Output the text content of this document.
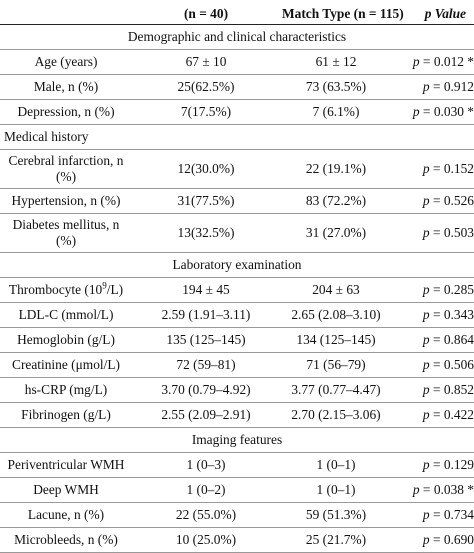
	(n = 40)	Match Type (n = 115)	p Value
Demographic and clinical characteristics			
Age (years)	67 ± 10	61 ± 12	p = 0.012 *
Male, n (%)	25(62.5%)	73 (63.5%)	p = 0.912
Depression, n (%)	7(17.5%)	7 (6.1%)	p = 0.030 *
Medical history			
Cerebral infarction, n (%)	12(30.0%)	22 (19.1%)	p = 0.152
Hypertension, n (%)	31(77.5%)	83 (72.2%)	p = 0.526
Diabetes mellitus, n (%)	13(32.5%)	31 (27.0%)	p = 0.503
Laboratory examination			
Thrombocyte $(10^9/L)$	194 ± 45	204 ± 63	p = 0.285
LDL-C (mmol/L)	2.59 (1.91–3.11)	2.65 (2.08–3.10)	p = 0.343
Hemoglobin (g/L)	135 (125–145)	134 (125–145)	p = 0.864
Creatinine (μmol/L)	72 (59–81)	71 (56–79)	p = 0.506
hs-CRP (mg/L)	3.70 (0.79–4.92)	3.77 (0.77–4.47)	p = 0.852
Fibrinogen (g/L)	2.55 (2.09–2.91)	2.70 (2.15–3.06)	p = 0.422
Imaging features			
Periventricular WMH	1 (0–3)	1 (0–1)	p = 0.129
Deep WMH	1 (0–2)	1 (0–1)	p = 0.038 *
Lacune, n (%)	22 (55.0%)	59 (51.3%)	p = 0.734
Microbleeds, n (%)	10 (25.0%)	25 (21.7%)	p = 0.690
